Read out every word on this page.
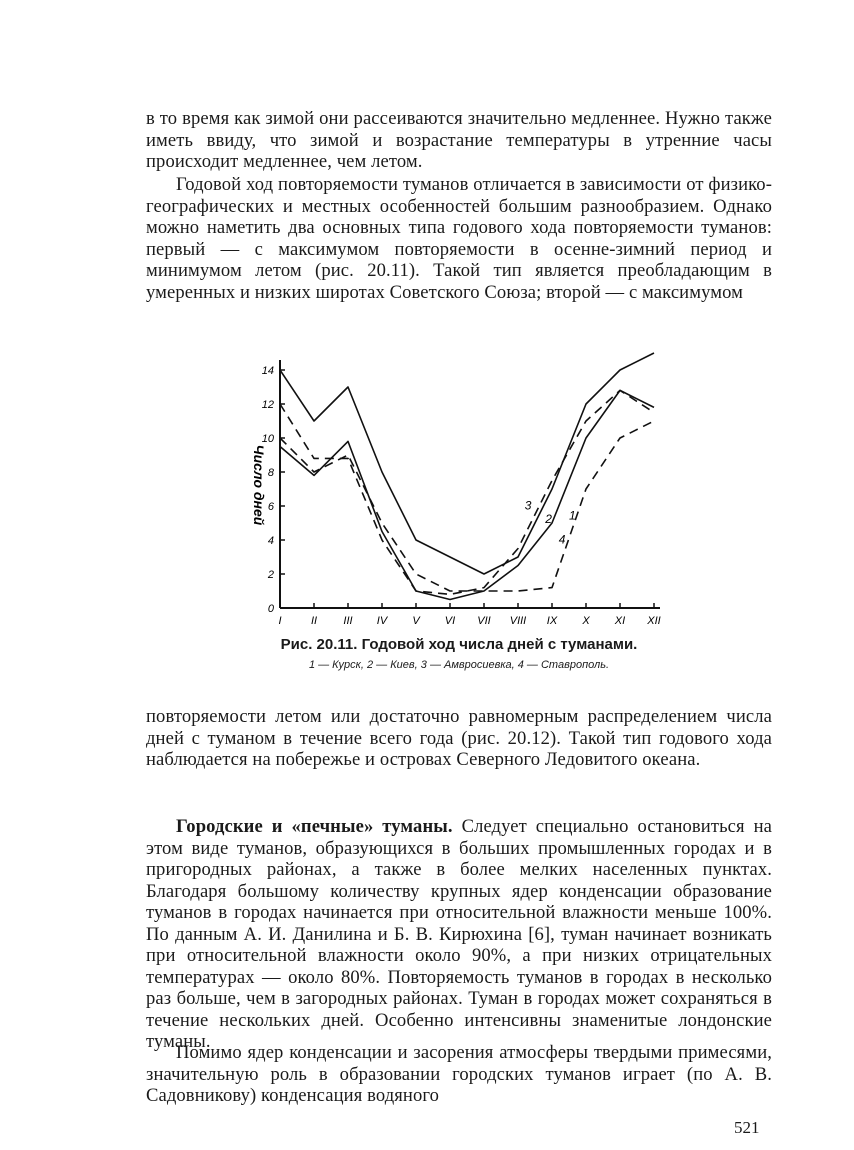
в то время как зимой они рассеиваются значительно медленнее. Нужно также иметь ввиду, что зимой и возрастание температуры в утренние часы происходит медленнее, чем летом.

Годовой ход повторяемости туманов отличается в зависимости от физико-географических и местных особенностей большим разнообразием. Однако можно наметить два основных типа годового хода повторяемости туманов: первый — с максимумом повторяемости в осенне-зимний период и минимумом летом (рис. 20.11). Такой тип является преобладающим в умеренных и низких широтах Советского Союза; второй — с максимумом

0
2
4
6
8
10
12
14
I	II III IV V VI VII VIII IX X XI XII
1
2
3
4
Число дней

Рис. 20.11. Годовой ход числа дней с туманами.

1 — Курск, 2 — Киев, 3 — Амвросиевка, 4 — Ставрополь.

повторяемости летом или достаточно равномерным распределением числа дней с туманом в течение всего года (рис. 20.12). Такой тип годового хода наблюдается на побережье и островах Северного Ледовитого океана.

Городские и «печные» туманы. Следует специально остановиться на этом виде туманов, образующихся в больших промышленных городах и в пригородных районах, а также в более мелких населенных пунктах. Благодаря большому количеству крупных ядер конденсации образование туманов в городах начинается при относительной влажности меньше 100%. По данным А. И. Данилина и Б. В. Кирюхина [6], туман начинает возникать при относительной влажности около 90%, а при низких отрицательных температурах — около 80%. Повторяемость туманов в городах в несколько раз больше, чем в загородных районах. Туман в городах может сохраняться в течение нескольких дней. Особенно интенсивны знаменитые лондонские туманы.

Помимо ядер конденсации и засорения атмосферы твердыми примесями, значительную роль в образовании городских туманов играет (по А. В. Садовникову) конденсация водяного

521
